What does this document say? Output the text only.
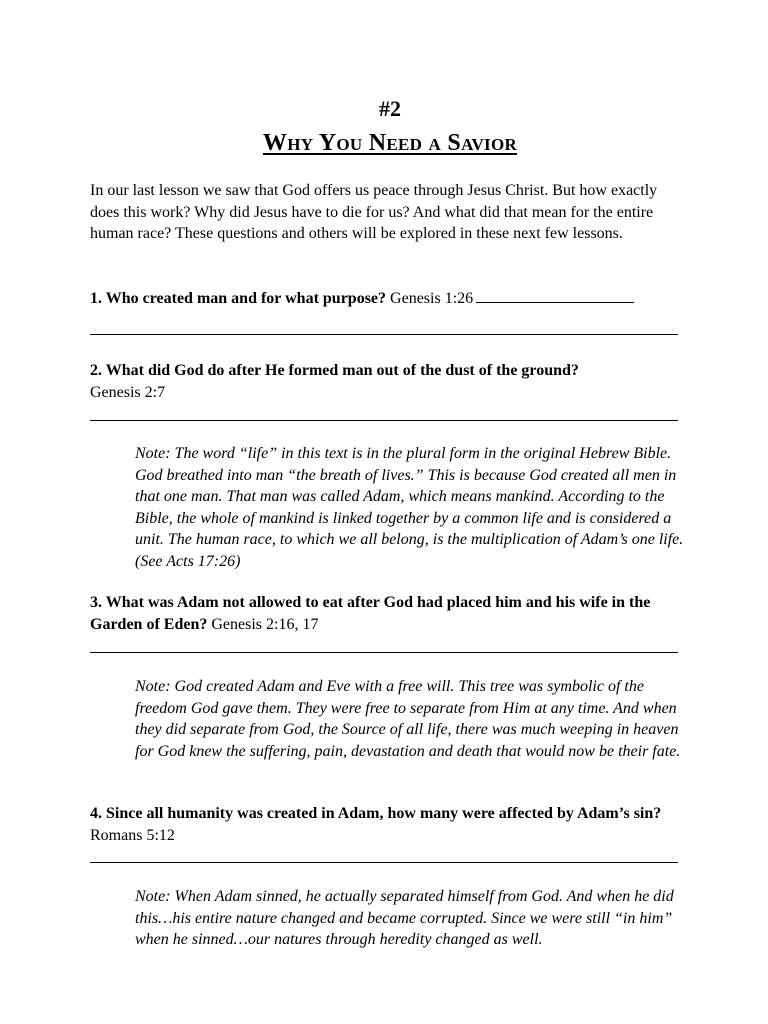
#2
Why You Need a Savior
In our last lesson we saw that God offers us peace through Jesus Christ. But how exactly does this work? Why did Jesus have to die for us? And what did that mean for the entire human race? These questions and others will be explored in these next few lessons.
1. Who created man and for what purpose? Genesis 1:26
2. What did God do after He formed man out of the dust of the ground?
Genesis 2:7
Note: The word “life” in this text is in the plural form in the original Hebrew Bible. God breathed into man “the breath of lives.” This is because God created all men in that one man. That man was called Adam, which means mankind. According to the Bible, the whole of mankind is linked together by a common life and is considered a unit. The human race, to which we all belong, is the multiplication of Adam’s one life. (See Acts 17:26)
3. What was Adam not allowed to eat after God had placed him and his wife in the Garden of Eden? Genesis 2:16, 17
Note: God created Adam and Eve with a free will. This tree was symbolic of the freedom God gave them. They were free to separate from Him at any time. And when they did separate from God, the Source of all life, there was much weeping in heaven for God knew the suffering, pain, devastation and death that would now be their fate.
4. Since all humanity was created in Adam, how many were affected by Adam’s sin? Romans 5:12
Note: When Adam sinned, he actually separated himself from God. And when he did this…his entire nature changed and became corrupted. Since we were still “in him” when he sinned…our natures through heredity changed as well.
